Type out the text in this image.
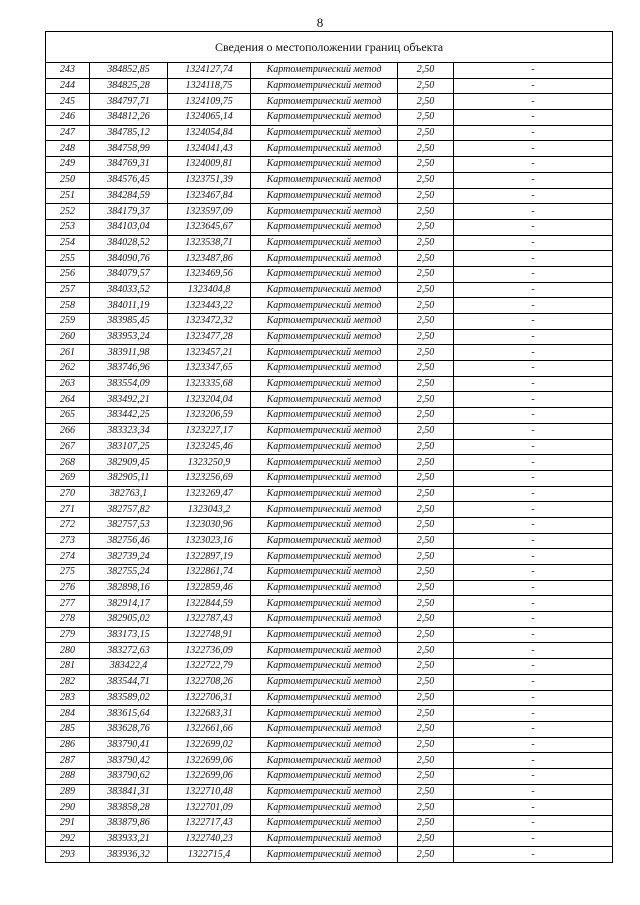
8
Сведения о местоположении границ объекта					
243	384852,85	1324127,74	Картометрический метод	2,50	-
244	384825,28	1324118,75	Картометрический метод	2,50	-
245	384797,71	1324109,75	Картометрический метод	2,50	-
246	384812,26	1324065,14	Картометрический метод	2,50	-
247	384785,12	1324054,84	Картометрический метод	2,50	-
248	384758,99	1324041,43	Картометрический метод	2,50	-
249	384769,31	1324009,81	Картометрический метод	2,50	-
250	384576,45	1323751,39	Картометрический метод	2,50	-
251	384284,59	1323467,84	Картометрический метод	2,50	-
252	384179,37	1323597,09	Картометрический метод	2,50	-
253	384103,04	1323645,67	Картометрический метод	2,50	-
254	384028,52	1323538,71	Картометрический метод	2,50	-
255	384090,76	1323487,86	Картометрический метод	2,50	-
256	384079,57	1323469,56	Картометрический метод	2,50	-
257	384033,52	1323404,8	Картометрический метод	2,50	-
258	384011,19	1323443,22	Картометрический метод	2,50	-
259	383985,45	1323472,32	Картометрический метод	2,50	-
260	383953,24	1323477,28	Картометрический метод	2,50	-
261	383911,98	1323457,21	Картометрический метод	2,50	-
262	383746,96	1323347,65	Картометрический метод	2,50	-
263	383554,09	1323335,68	Картометрический метод	2,50	-
264	383492,21	1323204,04	Картометрический метод	2,50	-
265	383442,25	1323206,59	Картометрический метод	2,50	-
266	383323,34	1323227,17	Картометрический метод	2,50	-
267	383107,25	1323245,46	Картометрический метод	2,50	-
268	382909,45	1323250,9	Картометрический метод	2,50	-
269	382905,11	1323256,69	Картометрический метод	2,50	-
270	382763,1	1323269,47	Картометрический метод	2,50	-
271	382757,82	1323043,2	Картометрический метод	2,50	-
272	382757,53	1323030,96	Картометрический метод	2,50	-
273	382756,46	1323023,16	Картометрический метод	2,50	-
274	382739,24	1322897,19	Картометрический метод	2,50	-
275	382755,24	1322861,74	Картометрический метод	2,50	-
276	382898,16	1322859,46	Картометрический метод	2,50	-
277	382914,17	1322844,59	Картометрический метод	2,50	-
278	382905,02	1322787,43	Картометрический метод	2,50	-
279	383173,15	1322748,91	Картометрический метод	2,50	-
280	383272,63	1322736,09	Картометрический метод	2,50	-
281	383422,4	1322722,79	Картометрический метод	2,50	-
282	383544,71	1322708,26	Картометрический метод	2,50	-
283	383589,02	1322706,31	Картометрический метод	2,50	-
284	383615,64	1322683,31	Картометрический метод	2,50	-
285	383628,76	1322661,66	Картометрический метод	2,50	-
286	383790,41	1322699,02	Картометрический метод	2,50	-
287	383790,42	1322699,06	Картометрический метод	2,50	-
288	383790,62	1322699,06	Картометрический метод	2,50	-
289	383841,31	1322710,48	Картометрический метод	2,50	-
290	383858,28	1322701,09	Картометрический метод	2,50	-
291	383879,86	1322717,43	Картометрический метод	2,50	-
292	383933,21	1322740,23	Картометрический метод	2,50	-
293	383936,32	1322715,4	Картометрический метод	2,50	-
